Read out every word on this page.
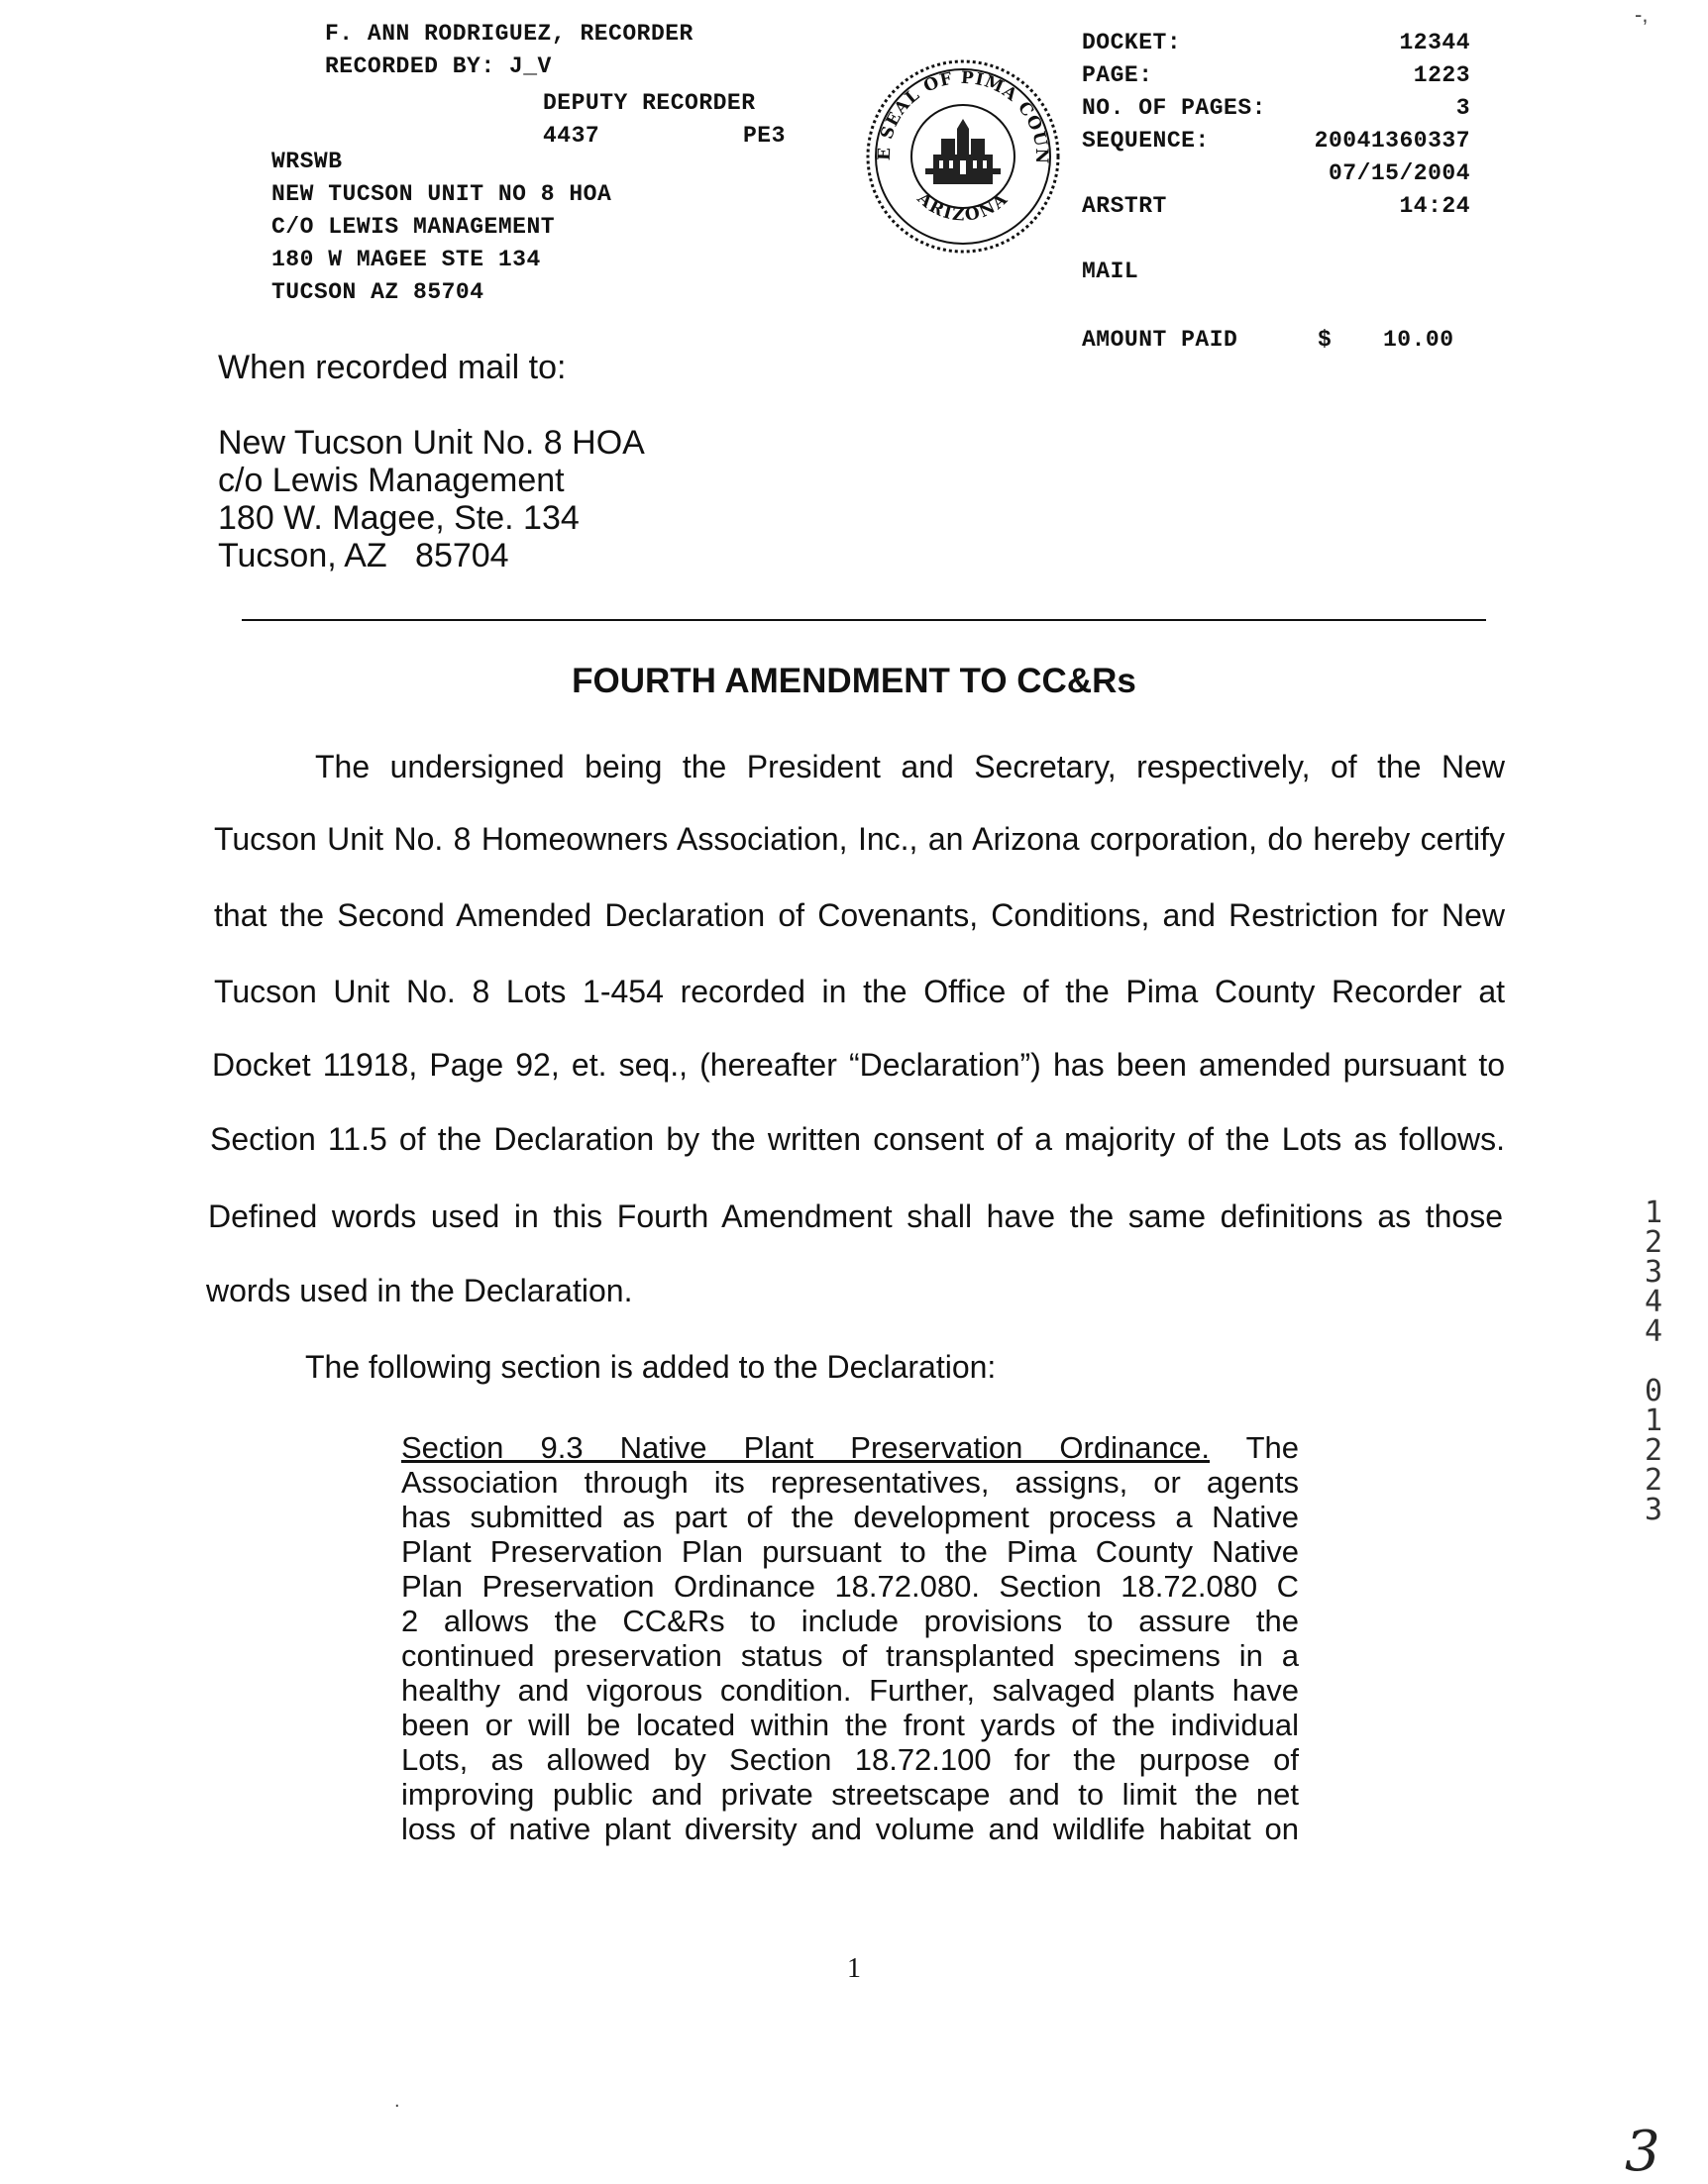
F. ANN RODRIGUEZ, RECORDER
RECORDED BY: J_V
DEPUTY RECORDER
4437	PE3
WRSWB
NEW TUCSON UNIT NO 8 HOA
C/O LEWIS MANAGEMENT
180 W MAGEE STE 134
TUCSON AZ 85704
E SEAL OF PIMA COUN
ARIZONA
DOCKET:
PAGE:
NO. OF PAGES:
SEQUENCE:
ARSTRT
MAIL
12344
1223
3
20041360337
07/15/2004
14:24
AMOUNT PAID	$ 10.00
When recorded mail to:
New Tucson Unit No. 8 HOA
c/o Lewis Management
180 W. Magee, Ste. 134
Tucson, AZ   85704
FOURTH AMENDMENT TO CC&Rs
The undersigned being the President and Secretary, respectively, of the New
Tucson Unit No. 8 Homeowners Association, Inc., an Arizona corporation, do hereby certify
that the Second Amended Declaration of Covenants, Conditions, and Restriction for New
Tucson Unit No. 8 Lots 1-454 recorded in the Office of the Pima County Recorder at
Docket 11918, Page 92, et. seq., (hereafter “Declaration”) has been amended pursuant to
Section 11.5 of the Declaration by the written consent of a majority of the Lots as follows.
Defined words used in this Fourth Amendment shall have the same definitions as those
words used in the Declaration.
The following section is added to the Declaration:
Section 9.3 Native Plant Preservation Ordinance. The
Association through its representatives, assigns, or agents
has submitted as part of the development process a Native
Plant Preservation Plan pursuant to the Pima County Native
Plan Preservation Ordinance 18.72.080. Section 18.72.080 C
2 allows the CC&Rs to include provisions to assure the
continued preservation status of transplanted specimens in a
healthy and vigorous condition. Further, salvaged plants have
been or will be located within the front yards of the individual
Lots, as allowed by Section 18.72.100 for the purpose of
improving public and private streetscape and to limit the net
loss of native plant diversity and volume and wildlife habitat on
1
1
2
3
4
4

0
1
2
2
3
3
-,
.
